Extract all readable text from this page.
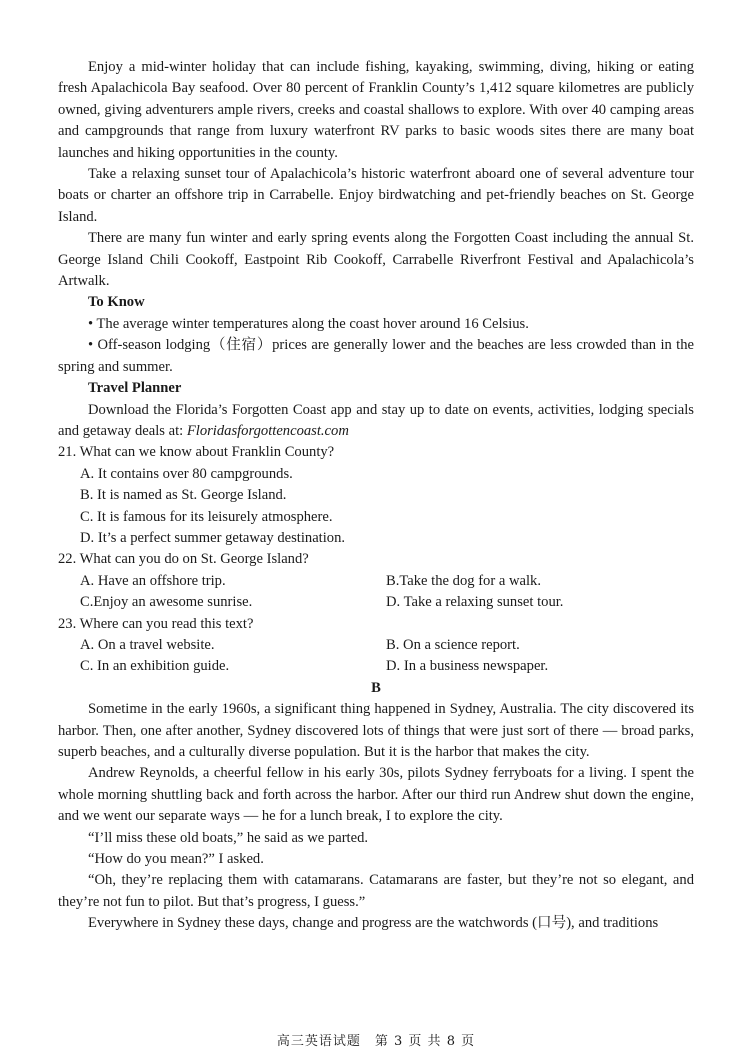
Enjoy a mid-winter holiday that can include fishing, kayaking, swimming, diving, hiking or eating fresh Apalachicola Bay seafood. Over 80 percent of Franklin County’s 1,412 square kilometres are publicly owned, giving adventurers ample rivers, creeks and coastal shallows to explore. With over 40 camping areas and campgrounds that range from luxury waterfront RV parks to basic woods sites there are many boat launches and hiking opportunities in the county.

Take a relaxing sunset tour of Apalachicola’s historic waterfront aboard one of several adventure tour boats or charter an offshore trip in Carrabelle. Enjoy birdwatching and pet-friendly beaches on St. George Island.

There are many fun winter and early spring events along the Forgotten Coast including the annual St. George Island Chili Cookoff, Eastpoint Rib Cookoff, Carrabelle Riverfront Festival and Apalachicola’s Artwalk.

To Know

• The average winter temperatures along the coast hover around 16 Celsius.

• Off-season lodging（住宿）prices are generally lower and the beaches are less crowded than in the spring and summer.

Travel Planner

Download the Florida’s Forgotten Coast app and stay up to date on events, activities, lodging specials and getaway deals at: Floridasforgottencoast.com

21. What can we know about Franklin County?

A. It contains over 80 campgrounds.

B. It is named as St. George Island.

C. It is famous for its leisurely atmosphere.

D. It’s a perfect summer getaway destination.

22. What can you do on St. George Island?

A. Have an offshore trip.	B.Take the dog for a walk.
C.Enjoy an awesome sunrise.	D. Take a relaxing sunset tour.

23. Where can you read this text?

A. On a travel website.	B. On a science report.
C. In an exhibition guide.	D. In a business newspaper.

B

Sometime in the early 1960s, a significant thing happened in Sydney, Australia. The city discovered its harbor. Then, one after another, Sydney discovered lots of things that were just sort of there — broad parks, superb beaches, and a culturally diverse population. But it is the harbor that makes the city.

Andrew Reynolds, a cheerful fellow in his early 30s, pilots Sydney ferryboats for a living. I spent the whole morning shuttling back and forth across the harbor. After our third run Andrew shut down the engine, and we went our separate ways — he for a lunch break, I to explore the city.

“I’ll miss these old boats,” he said as we parted.

“How do you mean?” I asked.

“Oh, they’re replacing them with catamarans. Catamarans are faster, but they’re not so elegant, and they’re not fun to pilot. But that’s progress, I guess.”

Everywhere in Sydney these days, change and progress are the watchwords (口号), and traditions

高三英语试题　第 3 页 共 8 页
